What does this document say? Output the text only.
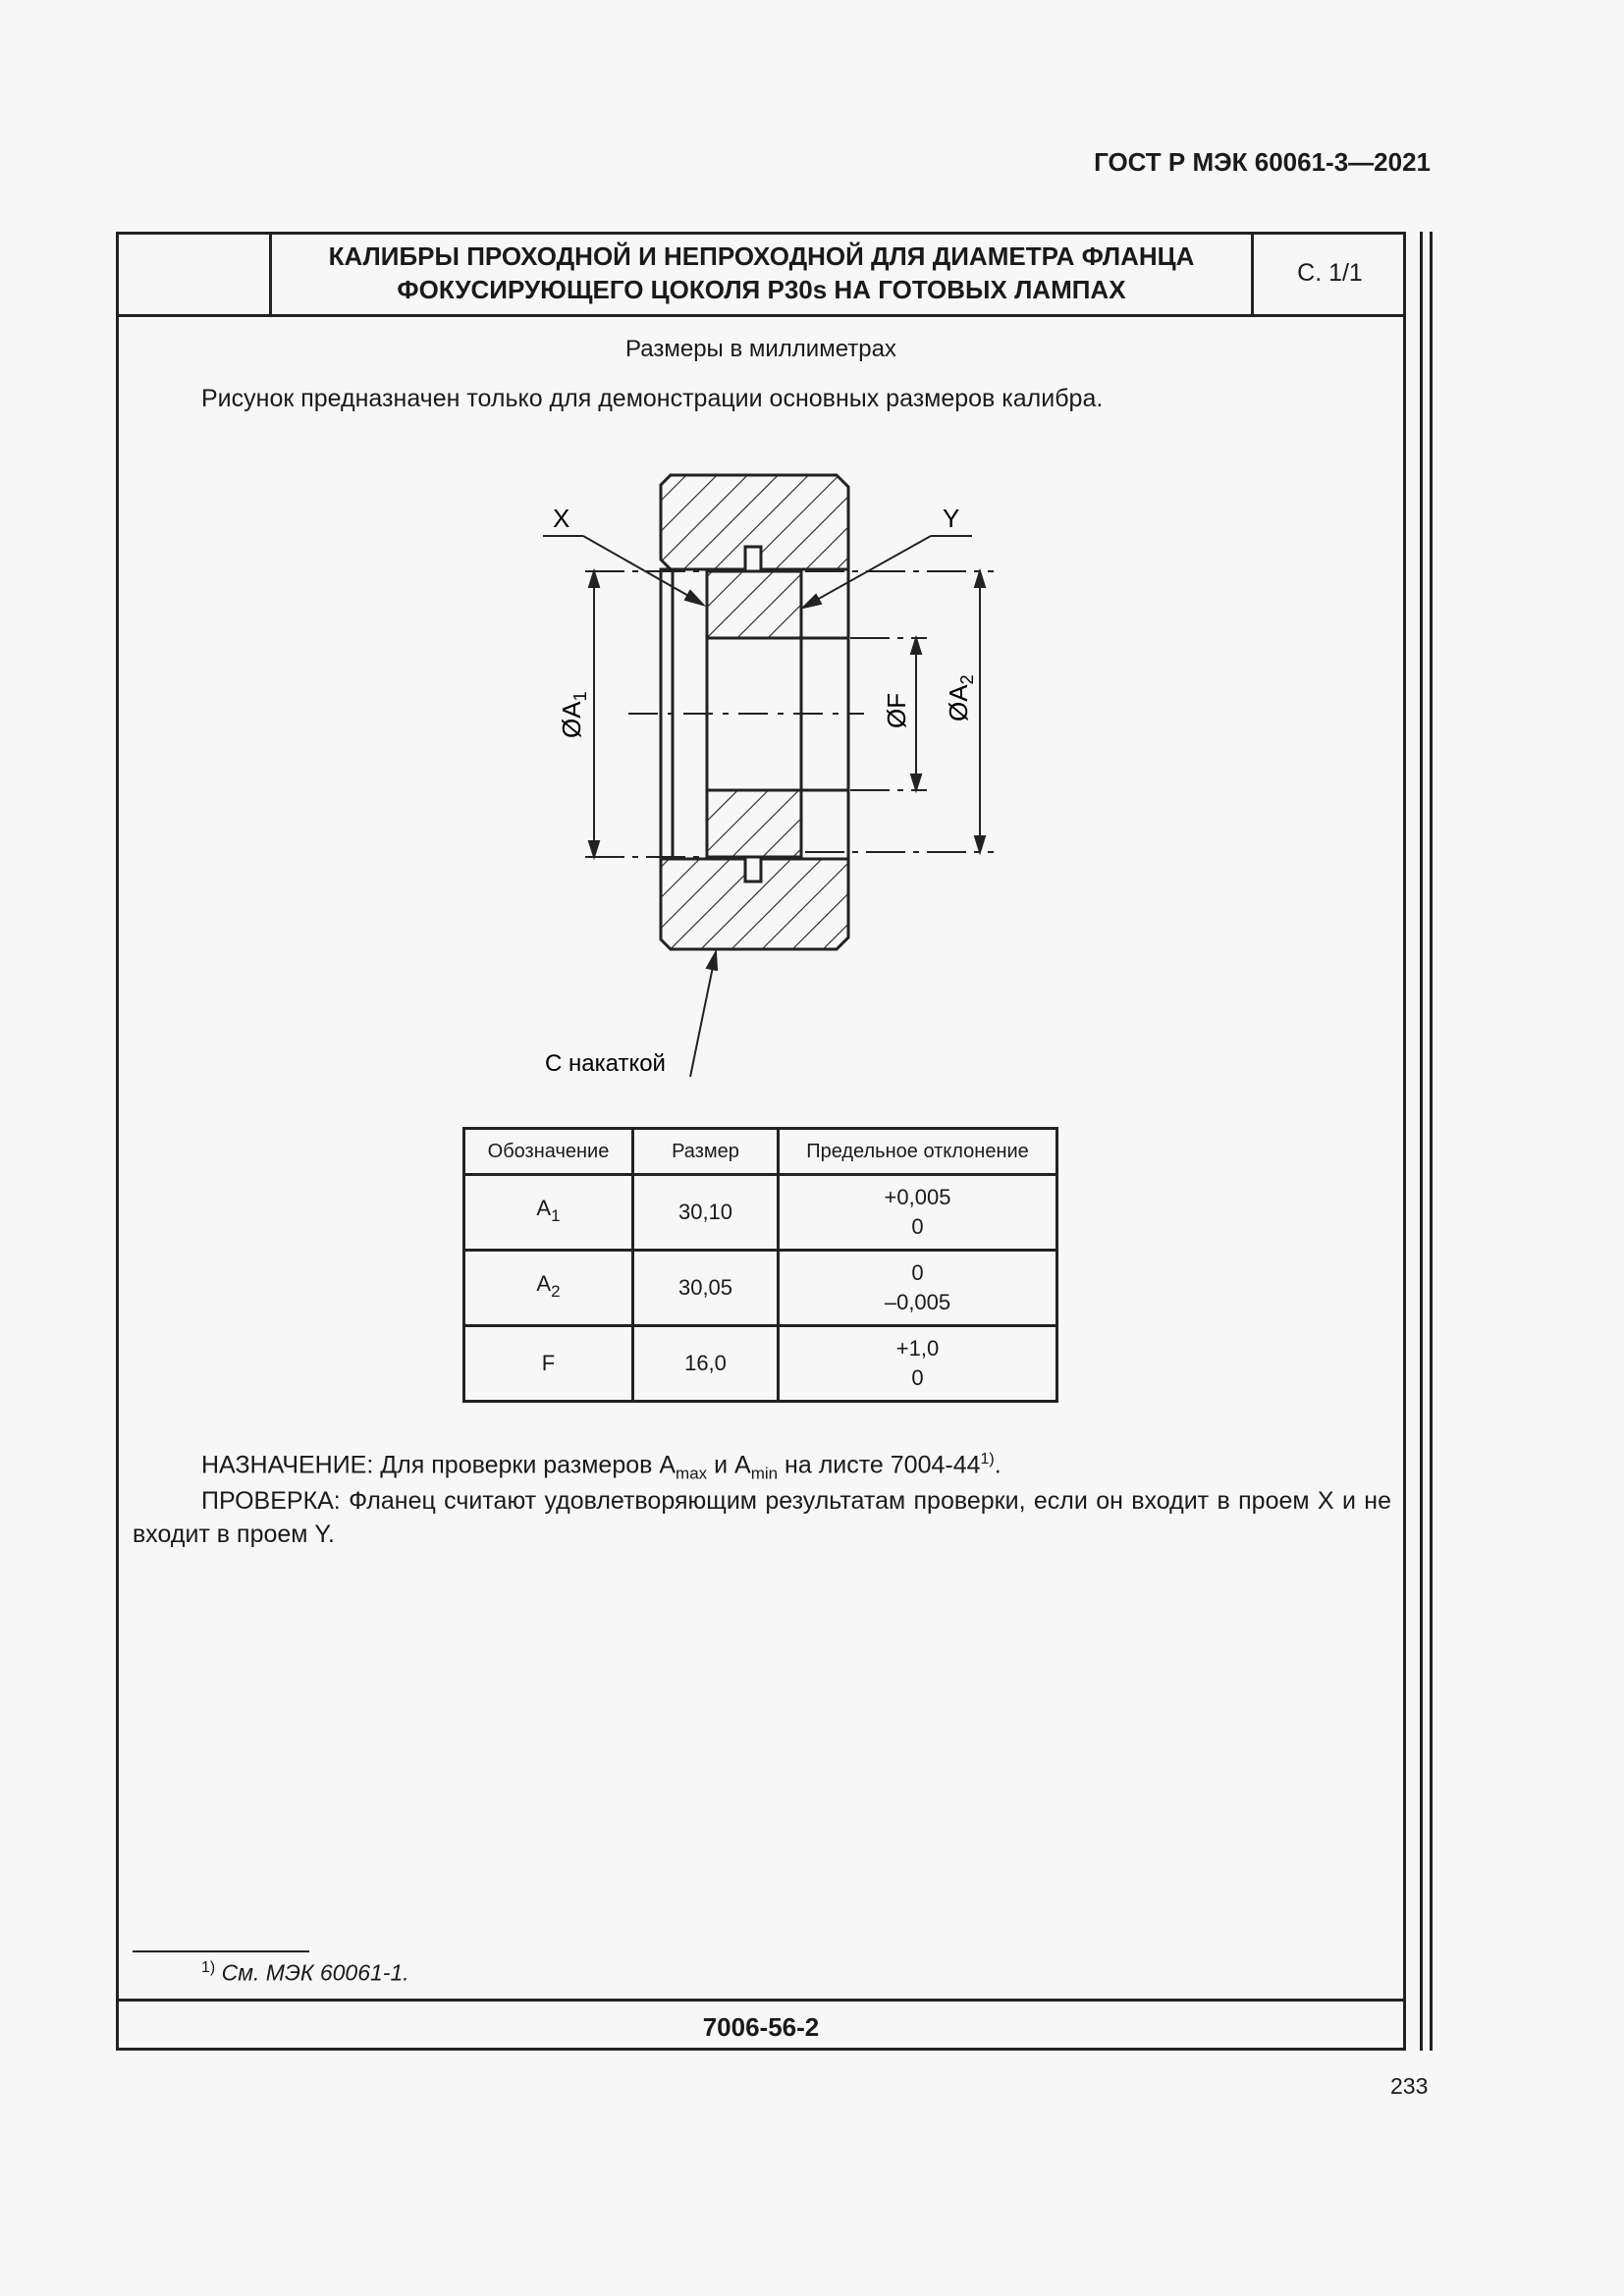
ГОСТ Р МЭК 60061-3—2021
КАЛИБРЫ ПРОХОДНОЙ И НЕПРОХОДНОЙ ДЛЯ ДИАМЕТРА ФЛАНЦА
ФОКУСИРУЮЩЕГО ЦОКОЛЯ P30s НА ГОТОВЫХ ЛАМПАХ
С. 1/1
Размеры в миллиметрах
Рисунок предназначен только для демонстрации основных размеров калибра.
X	Y
$ØA_1$	ØF $ØA_2$
С накаткой
Обозначение	Размер	Предельное отклонение
$A_1$	30,10	+0,005
0

$A_2$	30,05	0
–0,005

F	16,0	+1,0
0
НАЗНАЧЕНИЕ: Для проверки размеров $A_{max}$ и $A_{min}$ на листе 7004-44$^{1)}$.
ПРОВЕРКА: Фланец считают удовлетворяющим результатам проверки, если он входит в проем X и не входит в проем Y.
$^{1)}$ См. МЭК 60061-1.
7006-56-2
233
